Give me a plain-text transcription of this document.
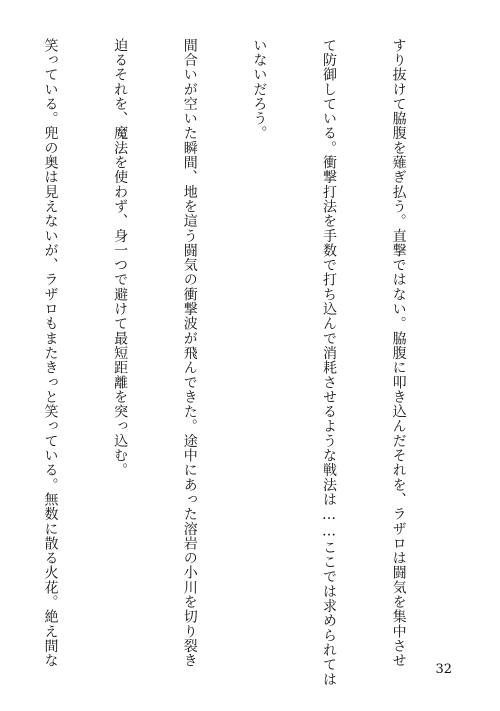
すり抜けて脇腹を薙ぎ払う。直撃ではない。脇腹に叩き込んだそれを、ラザロは闘気を集中させ

て防御している。衝撃打法を手数で打ち込んで消耗させるような戦法は……ここでは求められては

いないだろう。

間合いが空いた瞬間、地を這う闘気の衝撃波が飛んできた。途中にあった溶岩の小川を切り裂き

迫るそれを、魔法を使わず、身一つで避けて最短距離を突っ込む。

笑っている。兜の奥は見えないが、ラザロもまたきっと笑っている。無数に散る火花。絶え間な

32
